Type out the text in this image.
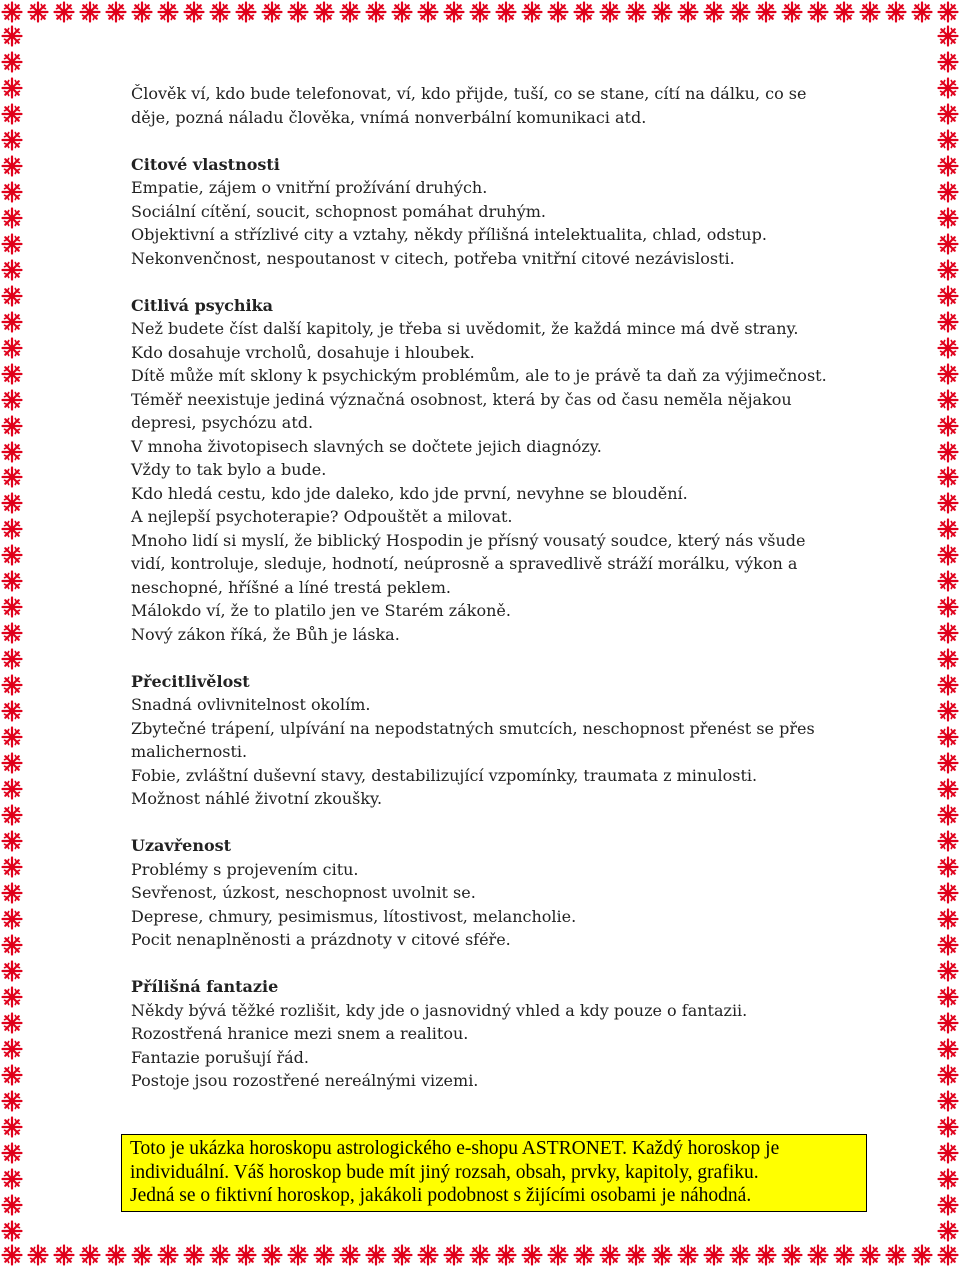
Člověk ví, kdo bude telefonovat, ví, kdo přijde, tuší, co se stane, cítí na dálku, co se

děje, pozná náladu člověka, vnímá nonverbální komunikaci atd.

Citové vlastnosti

Empatie, zájem o vnitřní prožívání druhých.

Sociální cítění, soucit, schopnost pomáhat druhým.

Objektivní a střízlivé city a vztahy, někdy přílišná intelektualita, chlad, odstup.

Nekonvenčnost, nespoutanost v citech, potřeba vnitřní citové nezávislosti.

Citlivá psychika

Než budete číst další kapitoly, je třeba si uvědomit, že každá mince má dvě strany.

Kdo dosahuje vrcholů, dosahuje i hloubek.

Dítě může mít sklony k psychickým problémům, ale to je právě ta daň za výjimečnost.

Téměř neexistuje jediná význačná osobnost, která by čas od času neměla nějakou

depresi, psychózu atd.

V mnoha životopisech slavných se dočtete jejich diagnózy.

Vždy to tak bylo a bude.

Kdo hledá cestu, kdo jde daleko, kdo jde první, nevyhne se bloudění.

A nejlepší psychoterapie? Odpouštět a milovat.

Mnoho lidí si myslí, že biblický Hospodin je přísný vousatý soudce, který nás všude

vidí, kontroluje, sleduje, hodnotí, neúprosně a spravedlivě stráží morálku, výkon a

neschopné, hříšné a líné trestá peklem.

Málokdo ví, že to platilo jen ve Starém zákoně.

Nový zákon říká, že Bůh je láska.

Přecitlivělost

Snadná ovlivnitelnost okolím.

Zbytečné trápení, ulpívání na nepodstatných smutcích, neschopnost přenést se přes

malichernosti.

Fobie, zvláštní duševní stavy, destabilizující vzpomínky, traumata z minulosti.

Možnost náhlé životní zkoušky.

Uzavřenost

Problémy s projevením citu.

Sevřenost, úzkost, neschopnost uvolnit se.

Deprese, chmury, pesimismus, lítostivost, melancholie.

Pocit nenaplněnosti a prázdnoty v citové sféře.

Přílišná fantazie

Někdy bývá těžké rozlišit, kdy jde o jasnovidný vhled a kdy pouze o fantazii.

Rozostřená hranice mezi snem a realitou.

Fantazie porušují řád.

Postoje jsou rozostřené nereálnými vizemi.

Toto je ukázka horoskopu astrologického e-shopu ASTRONET. Každý horoskop je

individuální. Váš horoskop bude mít jiný rozsah, obsah, prvky, kapitoly, grafiku.

Jedná se o fiktivní horoskop, jakákoli podobnost s žijícími osobami je náhodná.
